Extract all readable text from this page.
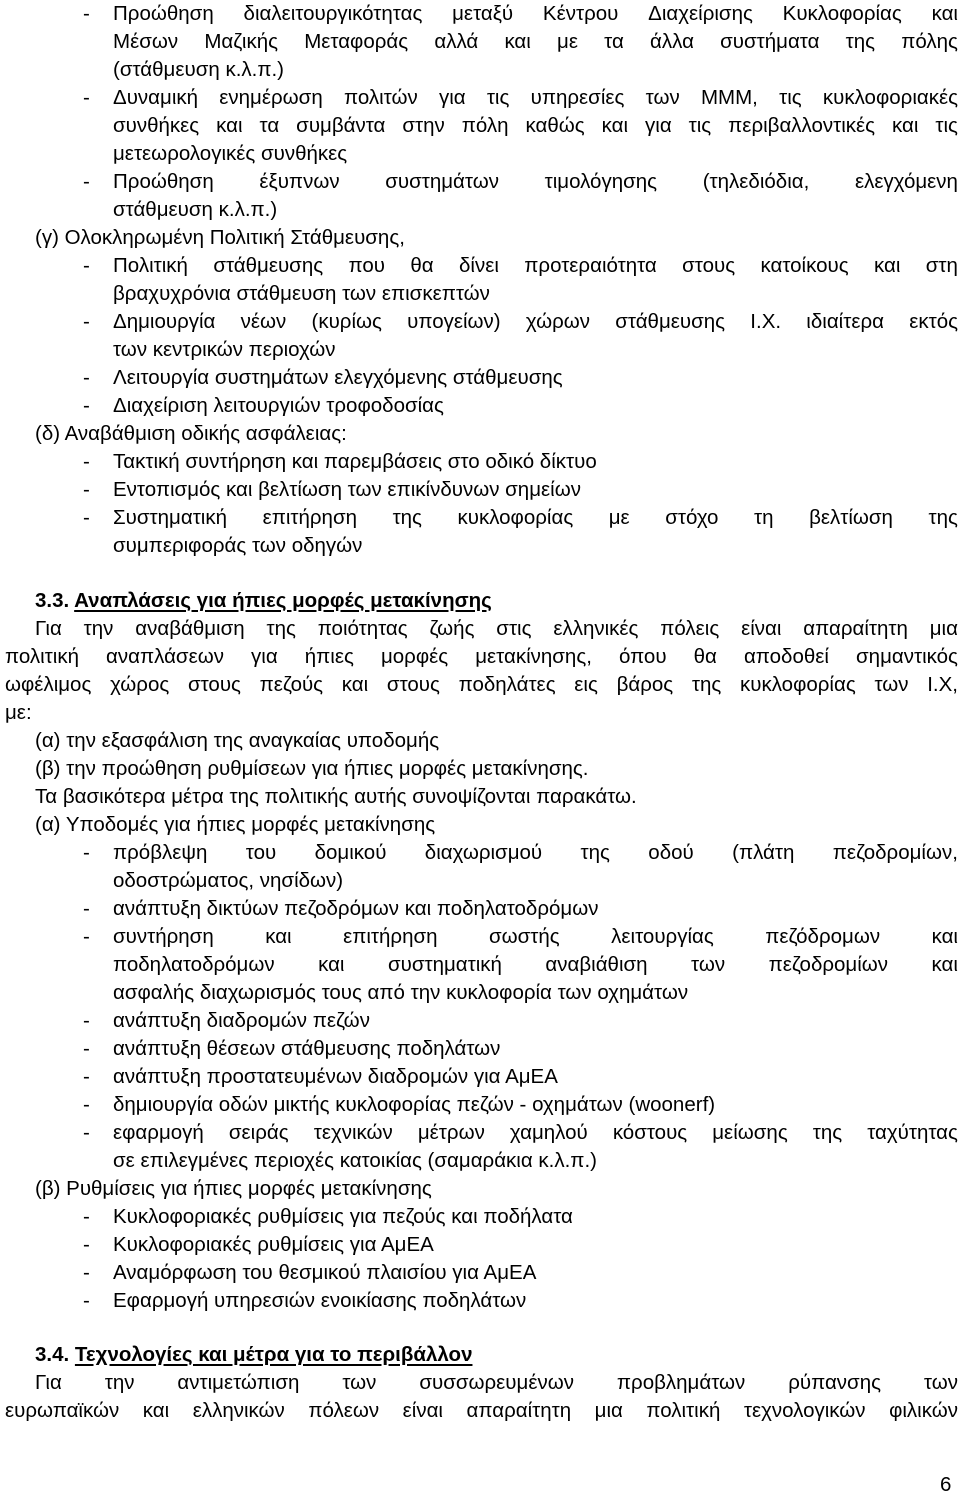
- Προώθηση διαλειτουργικότητας μεταξύ Κέντρου Διαχείρισης Κυκλοφορίας και
Μέσων Μαζικής Μεταφοράς αλλά και με τα άλλα συστήματα της πόλης
(στάθμευση κ.λ.π.)
- Δυναμική ενημέρωση πολιτών για τις υπηρεσίες των ΜΜΜ, τις κυκλοφοριακές
συνθήκες και τα συμβάντα στην πόλη καθώς και για τις περιβαλλοντικές και τις
μετεωρολογικές συνθήκες
- Προώθηση έξυπνων συστημάτων τιμολόγησης (τηλεδιόδια, ελεγχόμενη
στάθμευση κ.λ.π.)
(γ) Ολοκληρωμένη Πολιτική Στάθμευσης,
- Πολιτική στάθμευσης που θα δίνει προτεραιότητα στους κατοίκους και στη
βραχυχρόνια στάθμευση των επισκεπτών
- Δημιουργία νέων (κυρίως υπογείων) χώρων στάθμευσης Ι.Χ. ιδιαίτερα εκτός
των κεντρικών περιοχών
- Λειτουργία συστημάτων ελεγχόμενης στάθμευσης
- Διαχείριση λειτουργιών τροφοδοσίας
(δ) Αναβάθμιση οδικής ασφάλειας:
- Τακτική συντήρηση και παρεμβάσεις στο οδικό δίκτυο
- Εντοπισμός και βελτίωση των επικίνδυνων σημείων
- Συστηματική επιτήρηση της κυκλοφορίας με στόχο τη βελτίωση της
συμπεριφοράς των οδηγών
3.3. Αναπλάσεις για ήπιες μορφές μετακίνησης
Για την αναβάθμιση της ποιότητας ζωής στις ελληνικές πόλεις είναι απαραίτητη μια
πολιτική αναπλάσεων για ήπιες μορφές μετακίνησης, όπου θα αποδοθεί σημαντικός
ωφέλιμος χώρος στους πεζούς και στους ποδηλάτες εις βάρος της κυκλοφορίας των Ι.Χ,
με:
(α) την εξασφάλιση της αναγκαίας υποδομής
(β) την προώθηση ρυθμίσεων για ήπιες μορφές μετακίνησης.
Τα βασικότερα μέτρα της πολιτικής αυτής συνοψίζονται παρακάτω.
(α) Υποδομές για ήπιες μορφές μετακίνησης
- πρόβλεψη του δομικού διαχωρισμού της οδού (πλάτη πεζοδρομίων,
οδοστρώματος, νησίδων)
- ανάπτυξη δικτύων πεζοδρόμων και ποδηλατοδρόμων
- συντήρηση	και	επιτήρηση	σωστής	λειτουργίας	πεζόδρομων	και
ποδηλατοδρόμων και συστηματική αναβιάθιση των πεζοδρομίων και
ασφαλής διαχωρισμός τους από την κυκλοφορία των οχημάτων
- ανάπτυξη διαδρομών πεζών
- ανάπτυξη θέσεων στάθμευσης ποδηλάτων
- ανάπτυξη προστατευμένων διαδρομών για ΑμΕΑ
- δημιουργία οδών μικτής κυκλοφορίας πεζών - οχημάτων (woonerf)
- εφαρμογή σειράς τεχνικών μέτρων χαμηλού κόστους μείωσης της ταχύτητας
σε επιλεγμένες περιοχές κατοικίας (σαμαράκια κ.λ.π.)
(β) Ρυθμίσεις για ήπιες μορφές μετακίνησης
- Κυκλοφοριακές ρυθμίσεις για πεζούς και ποδήλατα
- Κυκλοφοριακές ρυθμίσεις για ΑμΕΑ
- Αναμόρφωση του θεσμικού πλαισίου για ΑμΕΑ
- Εφαρμογή υπηρεσιών ενοικίασης ποδηλάτων
3.4. Τεχνολογίες και μέτρα για το περιβάλλον
Για την αντιμετώπιση των συσσωρευμένων προβλημάτων ρύπανσης των
ευρωπαϊκών και ελληνικών πόλεων είναι απαραίτητη μια πολιτική τεχνολογικών φιλικών
6
